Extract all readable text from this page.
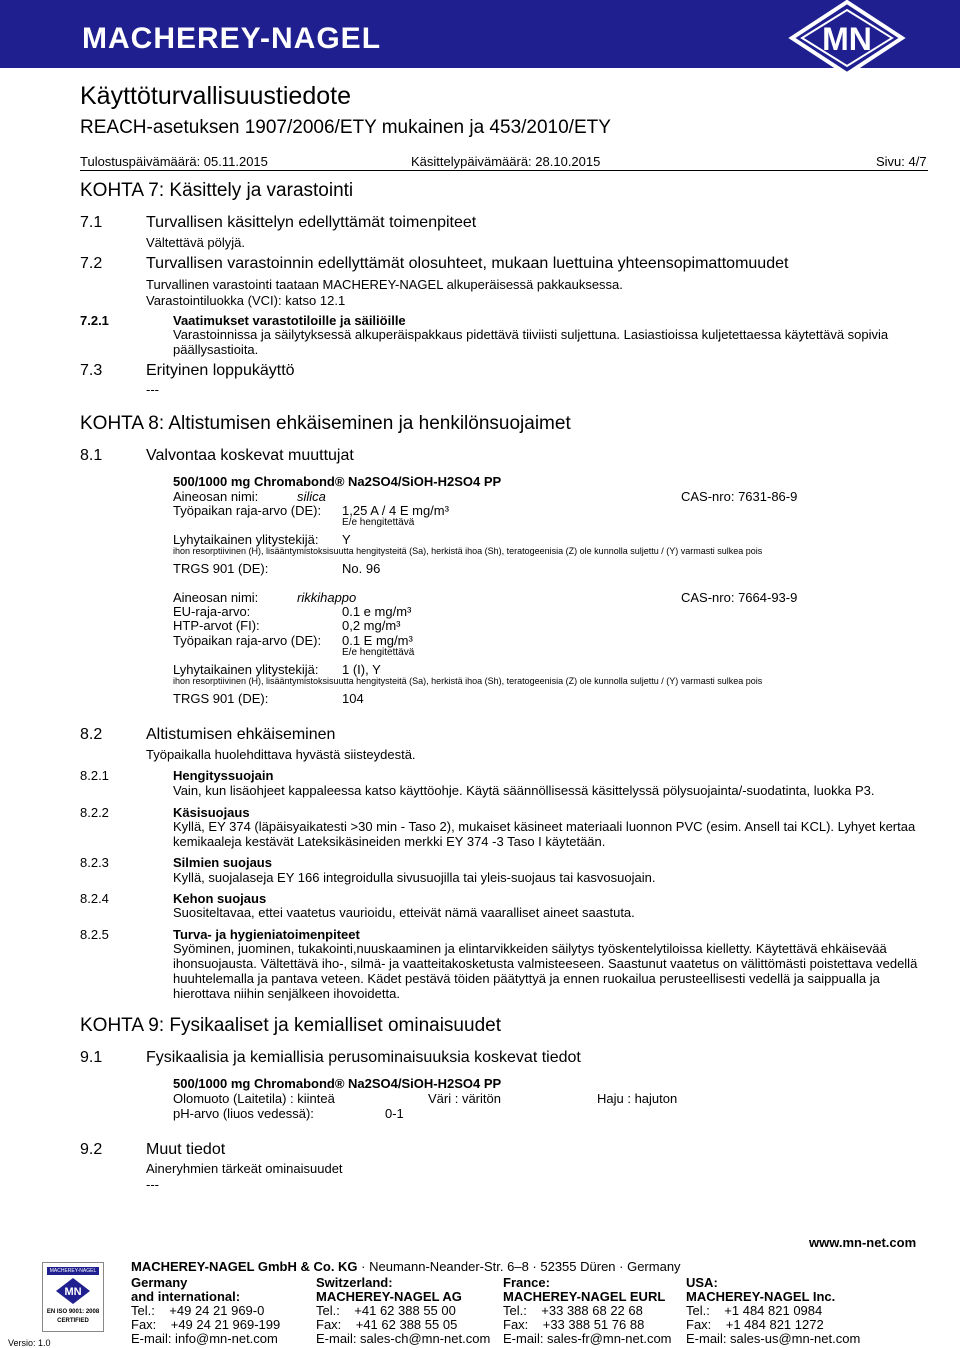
MACHEREY-NAGEL	MN
Käyttöturvallisuustiedote
REACH-asetuksen 1907/2006/ETY mukainen ja 453/2010/ETY
Tulostuspäivämäärä: 05.11.2015	Käsittelypäivämäärä: 28.10.2015	Sivu: 4/7
KOHTA 7: Käsittely ja varastointi
7.1	Turvallisen käsittelyn edellyttämät toimenpiteet
Vältettävä pölyjä.
7.2	Turvallisen varastoinnin edellyttämät olosuhteet, mukaan luettuina yhteensopimattomuudet
Turvallinen varastointi taataan MACHEREY-NAGEL alkuperäisessä pakkauksessa.
Varastointiluokka (VCI): katso 12.1
7.2.1	Vaatimukset varastotiloille ja säiliöille
Varastoinnissa ja säilytyksessä alkuperäispakkaus pidettävä tiiviisti suljettuna. Lasiastioissa kuljetettaessa käytettävä sopivia päällysastioita.
7.3	Erityinen loppukäyttö
---
KOHTA 8: Altistumisen ehkäiseminen ja henkilönsuojaimet
8.1	Valvontaa koskevat muuttujat
500/1000 mg Chromabond® Na2SO4/SiOH-H2SO4 PP
Aineosan nimi:	silica	CAS-nro: 7631-86-9
Työpaikan raja-arvo (DE): 1,25 A / 4 E mg/m³
E/e hengitettävä
Lyhytaikainen ylitystekijä: Y
ihon resorptiivinen (H), lisääntymistoksisuutta hengitysteitä (Sa), herkistä ihoa (Sh), teratogeenisia (Z) ole kunnolla suljettu / (Y) varmasti sulkea pois
TRGS 901 (DE):	No. 96
Aineosan nimi:	rikkihappo	CAS-nro: 7664-93-9
EU-raja-arvo:	0.1 e mg/m³
HTP-arvot (FI):	0,2 mg/m³
Työpaikan raja-arvo (DE): 0.1 E mg/m³
E/e hengitettävä
Lyhytaikainen ylitystekijä: 1 (I), Y
ihon resorptiivinen (H), lisääntymistoksisuutta hengitysteitä (Sa), herkistä ihoa (Sh), teratogeenisia (Z) ole kunnolla suljettu / (Y) varmasti sulkea pois
TRGS 901 (DE):	104
8.2	Altistumisen ehkäiseminen
Työpaikalla huolehdittava hyvästä siisteydestä.
8.2.1	Hengityssuojain
Vain, kun lisäohjeet kappaleessa katso käyttöohje. Käytä säännöllisessä käsittelyssä pölysuojainta/-suodatinta, luokka P3.
8.2.2	Käsisuojaus
Kyllä, EY 374 (läpäisyaikatesti >30 min - Taso 2), mukaiset käsineet materiaali luonnon PVC (esim. Ansell tai KCL). Lyhyet kertaa kemikaaleja kestävät Lateksikäsineiden merkki EY 374 -3 Taso I käytetään.
8.2.3	Silmien suojaus
Kyllä, suojalaseja EY 166 integroidulla sivusuojilla tai yleis-suojaus tai kasvosuojain.
8.2.4	Kehon suojaus
Suositeltavaa, ettei vaatetus vaurioidu, etteivät nämä vaaralliset aineet saastuta.
8.2.5	Turva- ja hygieniatoimenpiteet
Syöminen, juominen, tukakointi,nuuskaaminen ja elintarvikkeiden säilytys työskentelytiloissa kielletty. Käytettävä ehkäisevää ihonsuojausta. Vältettävä iho-, silmä- ja vaatteitakosketusta valmisteeseen. Saastunut vaatetus on välittömästi poistettava vedellä huuhtelemalla ja pantava veteen. Kädet pestävä töiden päätyttyä ja ennen ruokailua perusteellisesti vedellä ja saippualla ja hierottava niihin senjälkeen ihovoidetta.
KOHTA 9: Fysikaaliset ja kemialliset ominaisuudet
9.1	Fysikaalisia ja kemiallisia perusominaisuuksia koskevat tiedot
500/1000 mg Chromabond® Na2SO4/SiOH-H2SO4 PP
Olomuoto (Laitetila) : kiinteä	Väri : väritön	Haju : hajuton
pH-arvo (liuos vedessä):	0-1
9.2	Muut tiedot
Aineryhmien tärkeät ominaisuudet
---
MACHEREY-NAGEL GmbH & Co. KG · Neumann-Neander-Str. 6–8 · 52355 Düren · Germany
www.mn-net.com
MACHEREY-NAGEL
MN
EN ISO 9001: 2008
CERTIFIED
Versio: 1.0
Germany
and international:
Tel.:    +49 24 21 969-0
Fax:    +49 24 21 969-199
E-mail: info@mn-net.com
Switzerland:
MACHEREY-NAGEL AG
Tel.:    +41 62 388 55 00
Fax:    +41 62 388 55 05
E-mail: sales-ch@mn-net.com
France:
MACHEREY-NAGEL EURL
Tel.:    +33 388 68 22 68
Fax:    +33 388 51 76 88
E-mail: sales-fr@mn-net.com
USA:
MACHEREY-NAGEL Inc.
Tel.:    +1 484 821 0984
Fax:    +1 484 821 1272
E-mail: sales-us@mn-net.com
